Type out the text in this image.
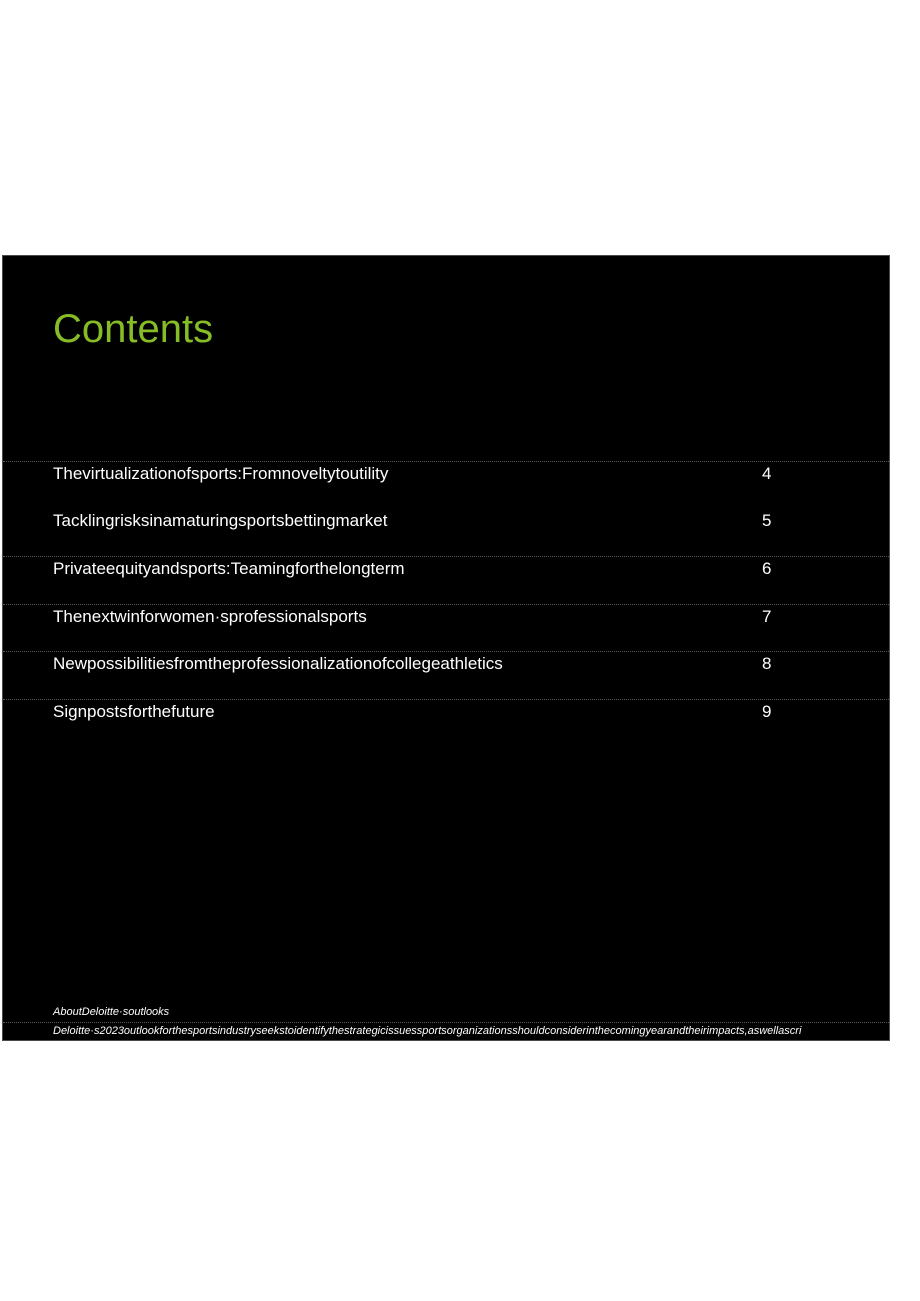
Contents
Thevirtualizationofsports:Fromnoveltytoutility	4
Tacklingrisksinamaturingsportsbettingmarket	5
Privateequityandsports:Teamingforthelongterm	6
Thenextwinforwomen·sprofessionalsports	7
Newpossibilitiesfromtheprofessionalizationofcollegeathletics	8
Signpostsforthefuture	9
AboutDeloitte·soutlooks
Deloitte·s2023outlookforthesportsindustryseekstoidentifythestrategicissuessportsorganizationsshouldconsiderinthecomingyearandtheirimpacts,aswellascri
